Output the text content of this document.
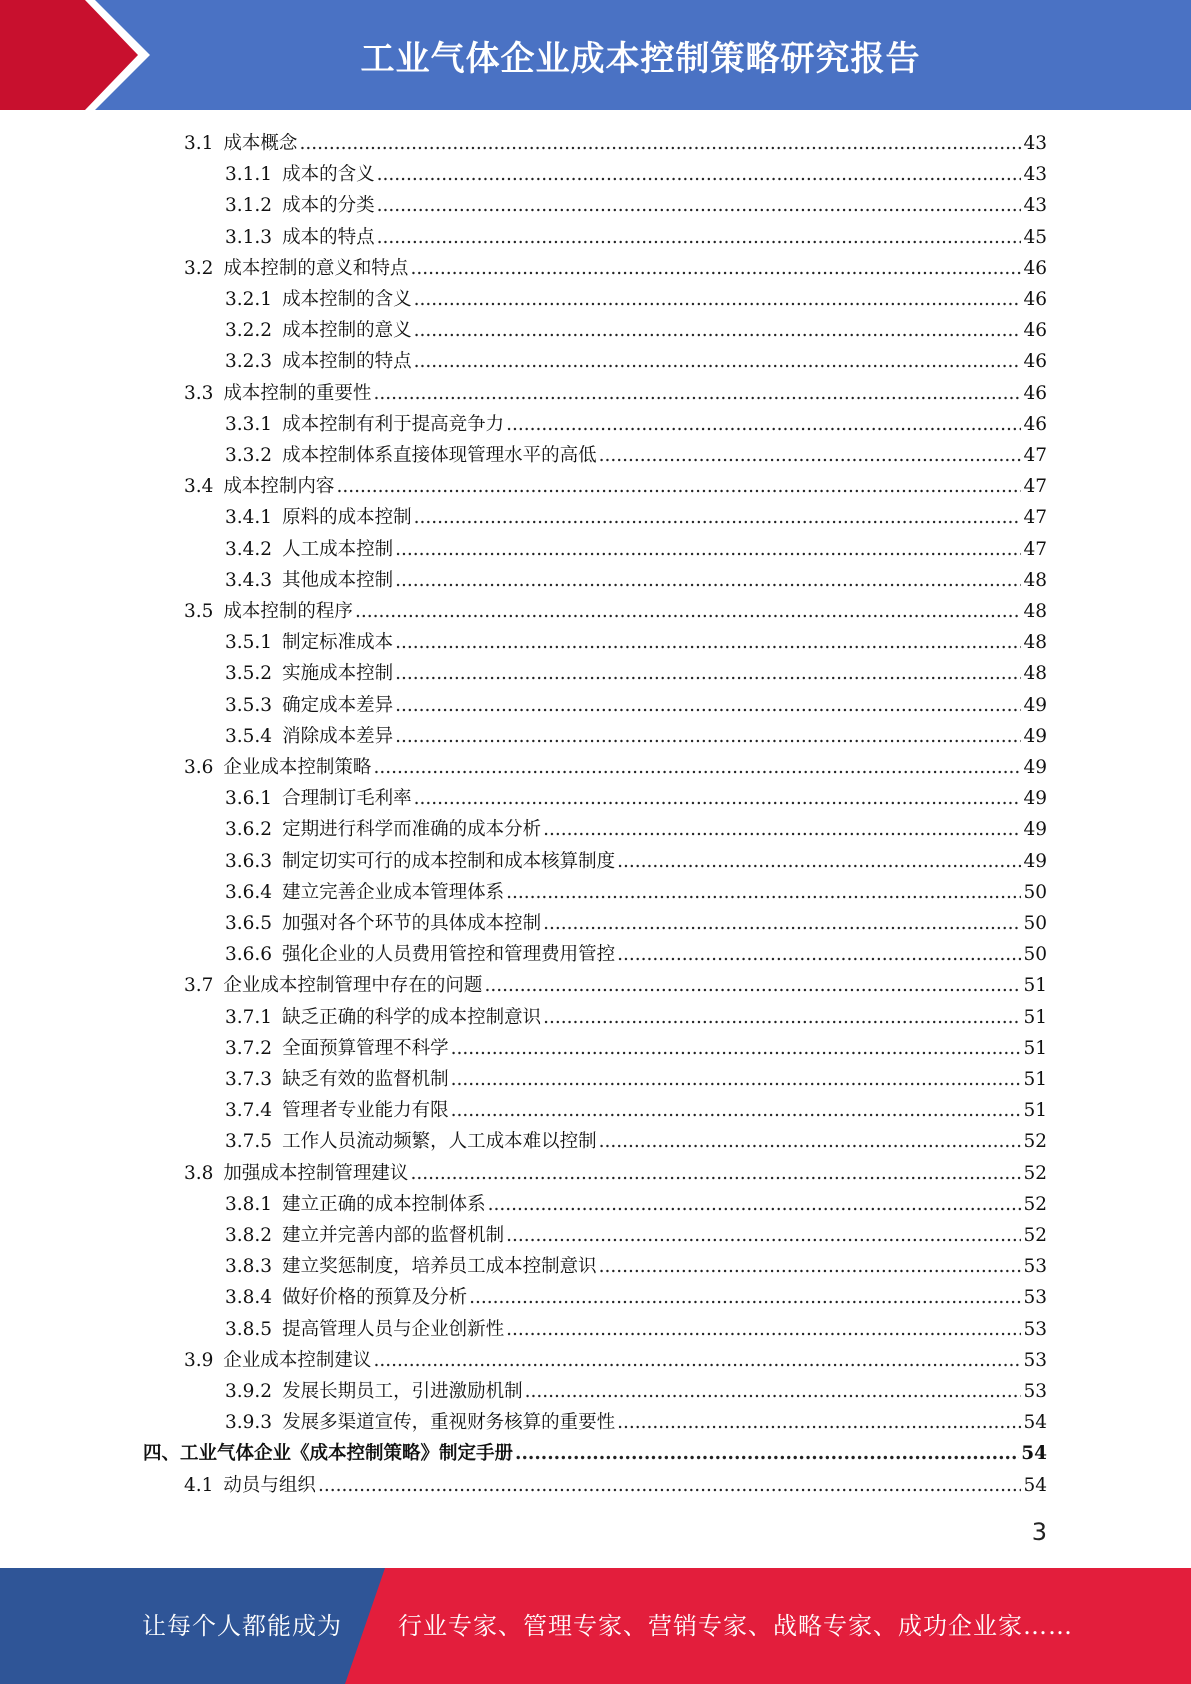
工业气体企业成本控制策略研究报告
3.1 成本概念 .....	43
3.1.1 成本的含义 .....	43
3.1.2 成本的分类 .....	43
3.1.3 成本的特点 .....	45
3.2 成本控制的意义和特点 .....	46
3.2.1 成本控制的含义 .....	46
3.2.2 成本控制的意义 .....	46
3.2.3 成本控制的特点 .....	46
3.3 成本控制的重要性 .....	46
3.3.1 成本控制有利于提高竞争力 .....	46
3.3.2 成本控制体系直接体现管理水平的高低 .....	47
3.4 成本控制内容 .....	47
3.4.1 原料的成本控制 .....	47
3.4.2 人工成本控制 .....	47
3.4.3 其他成本控制 .....	48
3.5 成本控制的程序 .....	48
3.5.1 制定标准成本 .....	48
3.5.2 实施成本控制 .....	48
3.5.3 确定成本差异 .....	49
3.5.4 消除成本差异 .....	49
3.6 企业成本控制策略 .....	49
3.6.1 合理制订毛利率 .....	49
3.6.2 定期进行科学而准确的成本分析 .....	49
3.6.3 制定切实可行的成本控制和成本核算制度 .....	49
3.6.4 建立完善企业成本管理体系 .....	50
3.6.5 加强对各个环节的具体成本控制 .....	50
3.6.6 强化企业的人员费用管控和管理费用管控 .....	50
3.7 企业成本控制管理中存在的问题 .....	51
3.7.1 缺乏正确的科学的成本控制意识 .....	51
3.7.2 全面预算管理不科学 .....	51
3.7.3 缺乏有效的监督机制 .....	51
3.7.4 管理者专业能力有限 .....	51
3.7.5 工作人员流动频繁，人工成本难以控制 .....	52
3.8 加强成本控制管理建议 .....	52
3.8.1 建立正确的成本控制体系 .....	52
3.8.2 建立并完善内部的监督机制 .....	52
3.8.3 建立奖惩制度，培养员工成本控制意识 .....	53
3.8.4 做好价格的预算及分析 .....	53
3.8.5 提高管理人员与企业创新性 .....	53
3.9 企业成本控制建议 .....	53
3.9.2 发展长期员工，引进激励机制 .....	53
3.9.3 发展多渠道宣传，重视财务核算的重要性 .....	54
四、工业气体企业《成本控制策略》制定手册 .....	54
4.1 动员与组织 .....	54
3
让每个人都能成为 行业专家、管理专家、营销专家、战略专家、成功企业家……
